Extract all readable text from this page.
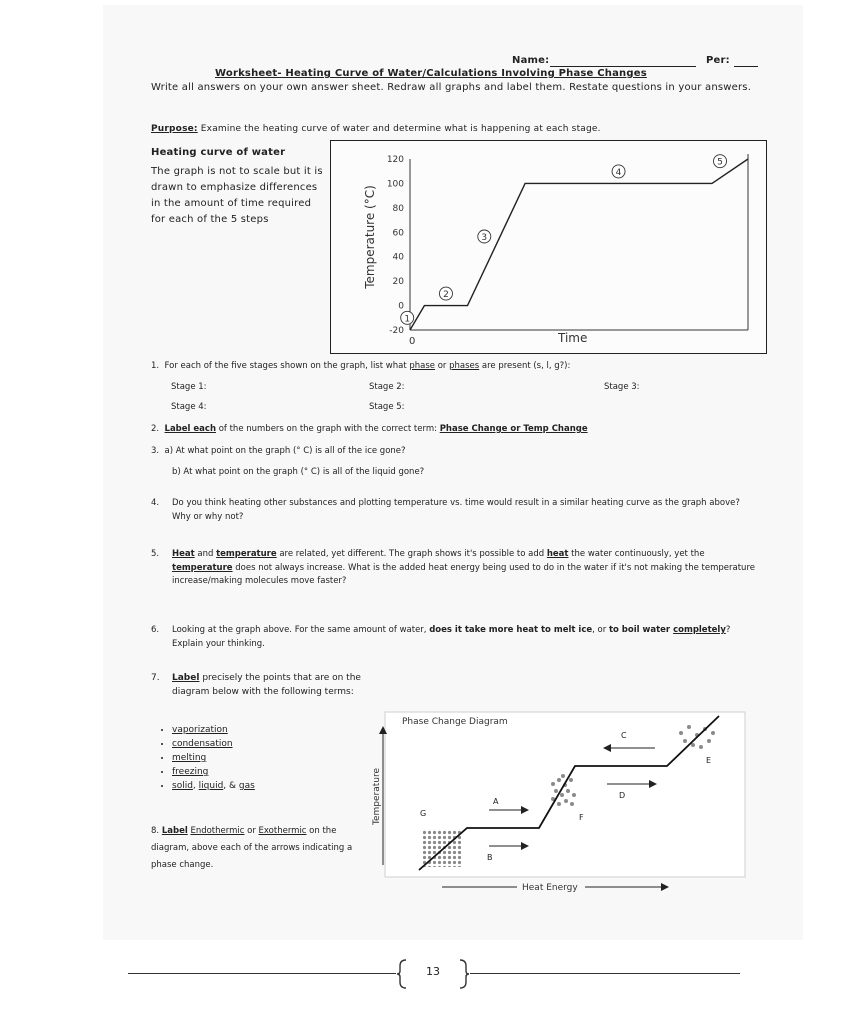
Name:	Per:
Worksheet- Heating Curve of Water/Calculations Involving Phase Changes
Write all answers on your own answer sheet. Redraw all graphs and label them. Restate questions in your answers.
Purpose: Examine the heating curve of water and determine what is happening at each stage.
Heating curve of water
The graph is not to scale but it is drawn to emphasize differences in the amount of time required for each of the 5 steps	Temperature (°C)
120
100
80
60
40
20
0
-20
1
2
3
4
5
0	Time
1. For each of the five stages shown on the graph, list what phase or phases are present (s, l, g?):
Stage 1:	Stage 2:	Stage 3:
Stage 4:	Stage 5:
2. Label each of the numbers on the graph with the correct term: Phase Change or Temp Change
3. a) At what point on the graph (° C) is all of the ice gone?
b) At what point on the graph (° C) is all of the liquid gone?
4. Do you think heating other substances and plotting temperature vs. time would result in a similar heating curve as the graph above? Why or why not?
5. Heat and temperature are related, yet different. The graph shows it's possible to add heat the water continuously, yet the temperature does not always increase. What is the added heat energy being used to do in the water if it's not making the temperature increase/making molecules move faster?
6. Looking at the graph above. For the same amount of water, does it take more heat to melt ice, or to boil water completely? Explain your thinking.
7. Label precisely the points that are on the diagram below with the following terms:
• vaporization
• condensation
• melting
• freezing
• solid, liquid, & gas
8. Label Endothermic or Exothermic on the diagram, above each of the arrows indicating a phase change.
Temperature
Heat Energy
Phase Change Diagram
A
B
C
D
E
F
G
13
